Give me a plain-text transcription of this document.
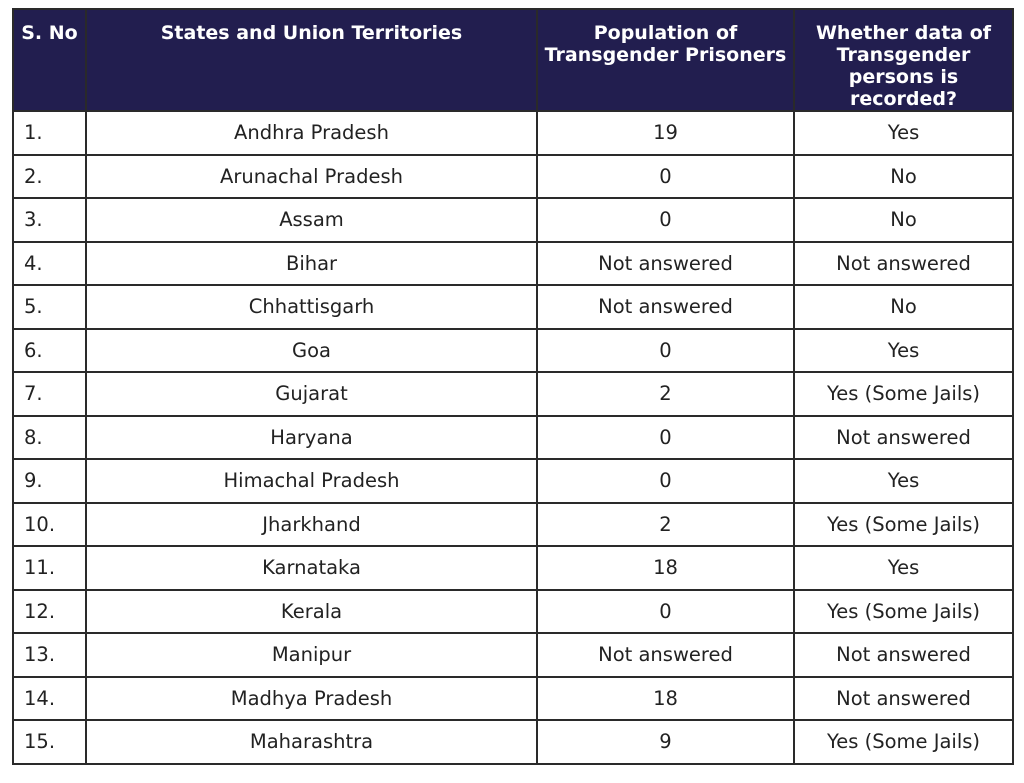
S. No	States and Union Territories	Population of Transgender Prisoners	Whether data of Transgender persons is recorded?
1.	Andhra Pradesh	19	Yes
2.	Arunachal Pradesh	0	No
3.	Assam	0	No
4.	Bihar	Not answered	Not answered
5.	Chhattisgarh	Not answered	No
6.	Goa	0	Yes
7.	Gujarat	2	Yes (Some Jails)
8.	Haryana	0	Not answered
9.	Himachal Pradesh	0	Yes
10.	Jharkhand	2	Yes (Some Jails)
11.	Karnataka	18	Yes
12.	Kerala	0	Yes (Some Jails)
13.	Manipur	Not answered	Not answered
14.	Madhya Pradesh	18	Not answered
15.	Maharashtra	9	Yes (Some Jails)
